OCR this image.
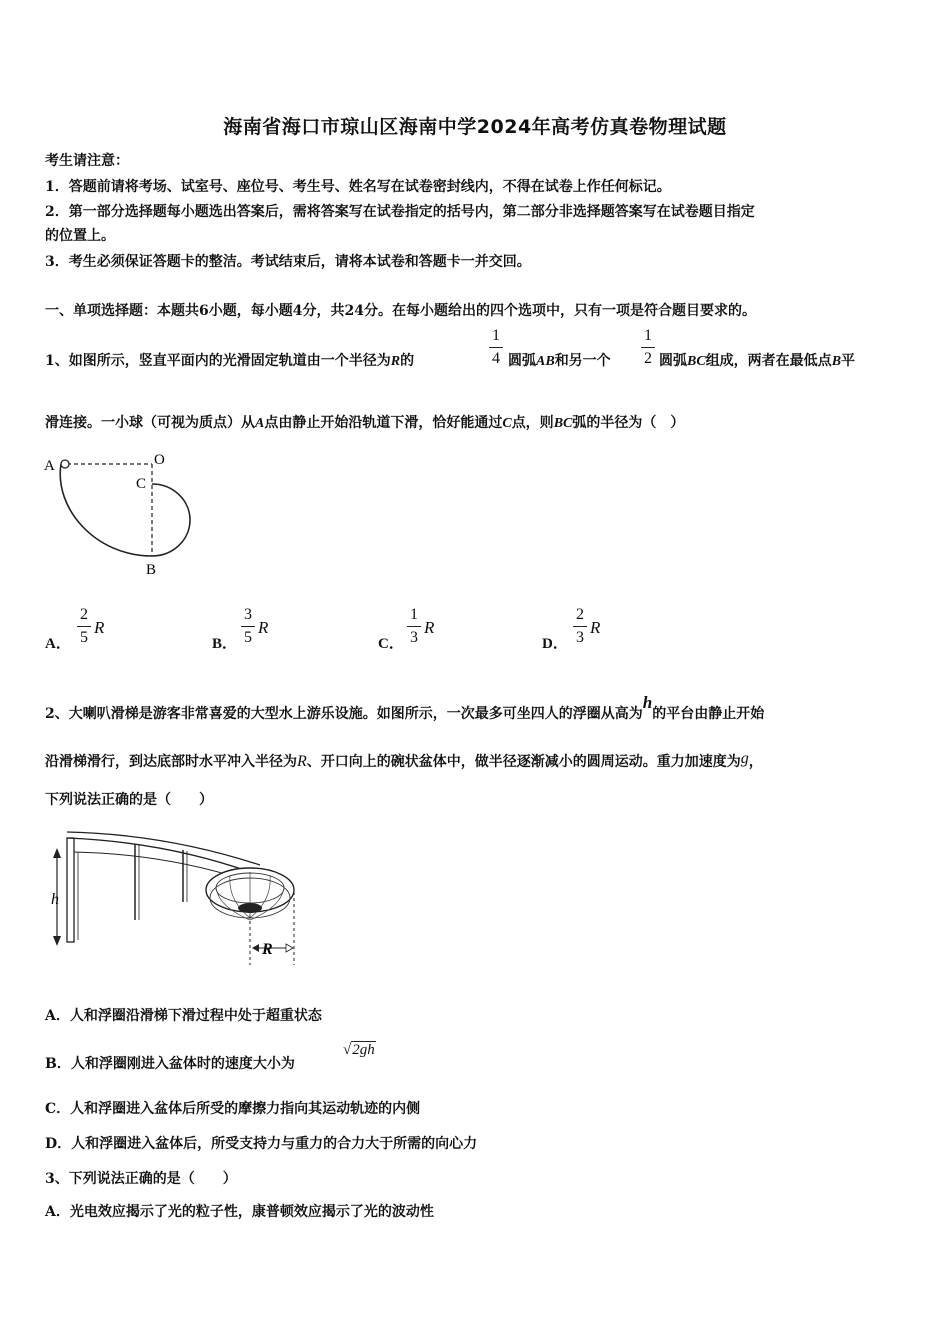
海南省海口市琼山区海南中学2024年高考仿真卷物理试题
考生请注意：
1．答题前请将考场、试室号、座位号、考生号、姓名写在试卷密封线内，不得在试卷上作任何标记。
2．第一部分选择题每小题选出答案后，需将答案写在试卷指定的括号内，第二部分非选择题答案写在试卷题目指定
的位置上。
3．考生必须保证答题卡的整洁。考试结束后，请将本试卷和答题卡一并交回。
一、单项选择题：本题共6小题，每小题4分，共24分。在每小题给出的四个选项中，只有一项是符合题目要求的。
1、如图所示，竖直平面内的光滑固定轨道由一个半径为R的
1
4 圆弧AB和另一个
1
2 圆弧BC组成，两者在最低点B平
滑连接。一小球（可视为质点）从A点由静止开始沿轨道下滑，恰好能通过C点，则BC弧的半径为（　）
A	O
C
B
A．
2
5
R
B．
3
5
R
C．
1
3
R
D．
2
3
R
2、大喇叭滑梯是游客非常喜爱的大型水上游乐设施。如图所示，一次最多可坐四人的浮圈从高为h的平台由静止开始
沿滑梯滑行，到达底部时水平冲入半径为R、开口向上的碗状盆体中，做半径逐渐减小的圆周运动。重力加速度为g，
下列说法正确的是（　　）
h
R
A．人和浮圈沿滑梯下滑过程中处于超重状态
B．人和浮圈刚进入盆体时的速度大小为
√2gh
C．人和浮圈进入盆体后所受的摩擦力指向其运动轨迹的内侧
D．人和浮圈进入盆体后，所受支持力与重力的合力大于所需的向心力
3、下列说法正确的是（　　）
A．光电效应揭示了光的粒子性，康普顿效应揭示了光的波动性
